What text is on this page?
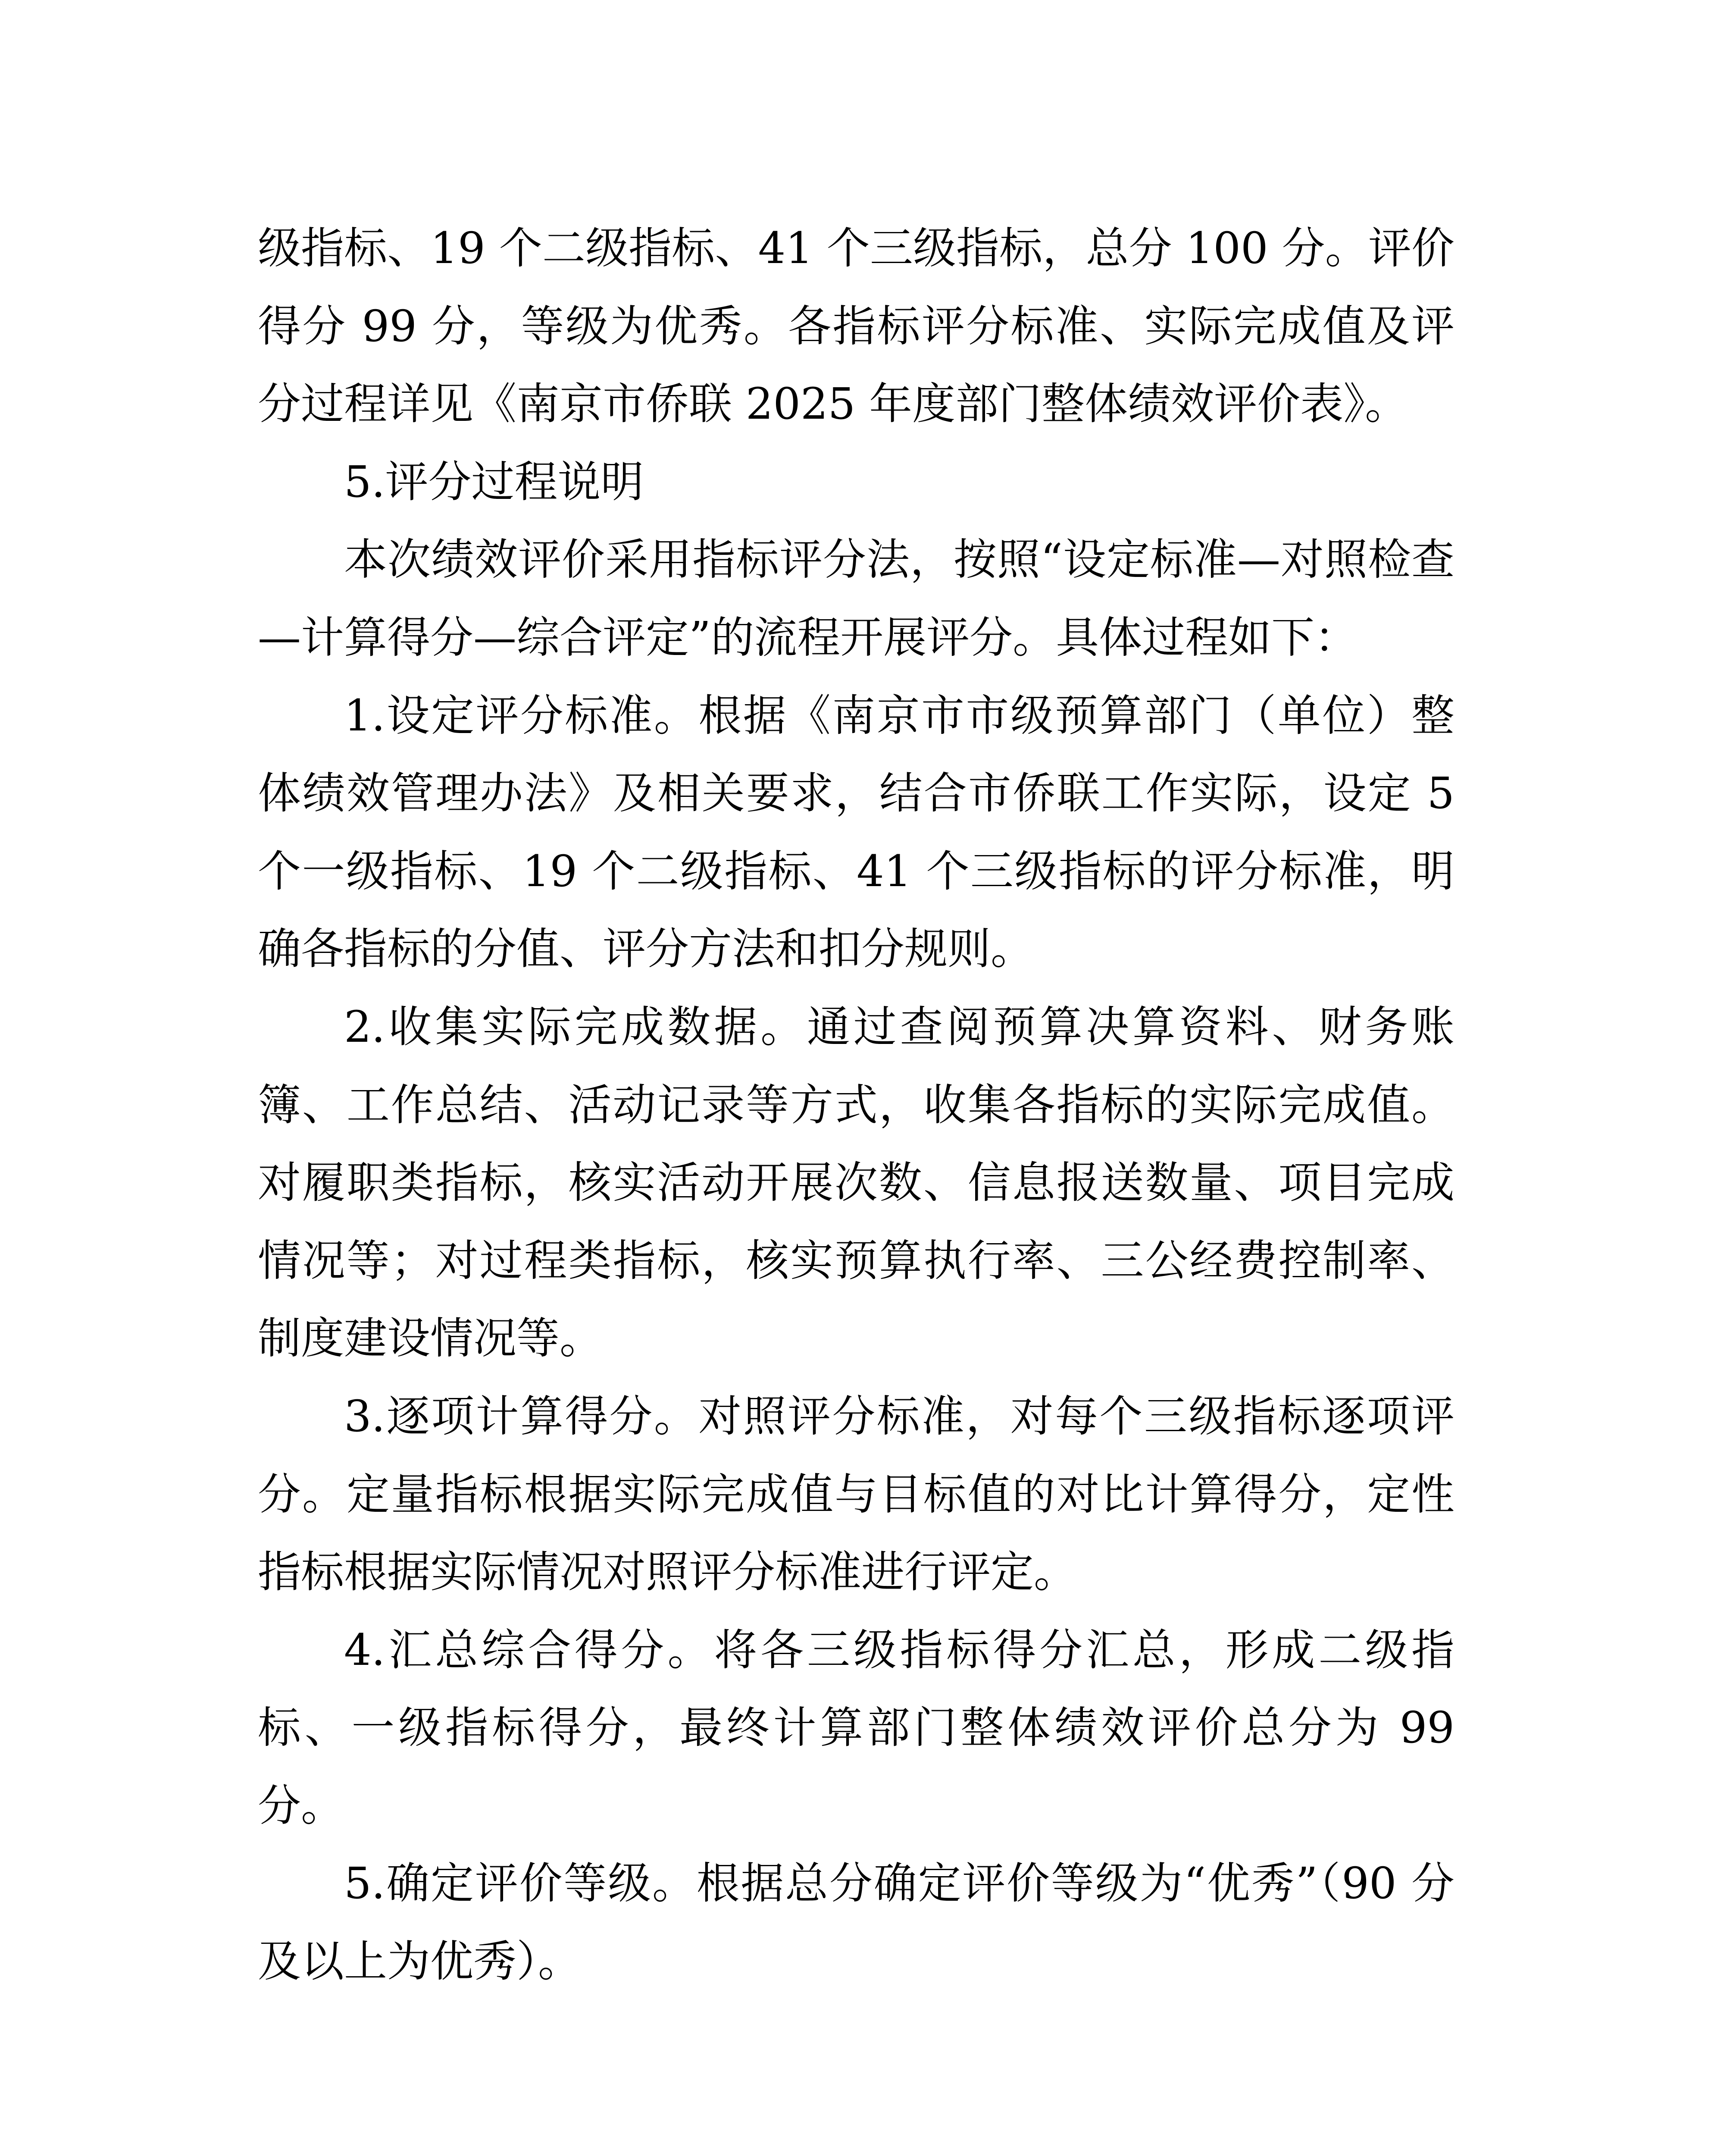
级指标、19 个二级指标、41 个三级指标，总分 100 分。评价得分 99 分，等级为优秀。各指标评分标准、实际完成值及评分过程详见《南京市侨联 2025 年度部门整体绩效评价表》。

5.评分过程说明

本次绩效评价采用指标评分法，按照“设定标准—对照检查—计算得分—综合评定”的流程开展评分。具体过程如下：

1.设定评分标准。根据《南京市市级预算部门（单位）整体绩效管理办法》及相关要求，结合市侨联工作实际，设定 5 个一级指标、19 个二级指标、41 个三级指标的评分标准，明确各指标的分值、评分方法和扣分规则。

2.收集实际完成数据。通过查阅预算决算资料、财务账簿、工作总结、活动记录等方式，收集各指标的实际完成值。对履职类指标，核实活动开展次数、信息报送数量、项目完成情况等；对过程类指标，核实预算执行率、三公经费控制率、制度建设情况等。

3.逐项计算得分。对照评分标准，对每个三级指标逐项评分。定量指标根据实际完成值与目标值的对比计算得分，定性指标根据实际情况对照评分标准进行评定。

4.汇总综合得分。将各三级指标得分汇总，形成二级指标、一级指标得分，最终计算部门整体绩效评价总分为 99 分。

5.确定评价等级。根据总分确定评价等级为“优秀”（90 分及以上为优秀）。
